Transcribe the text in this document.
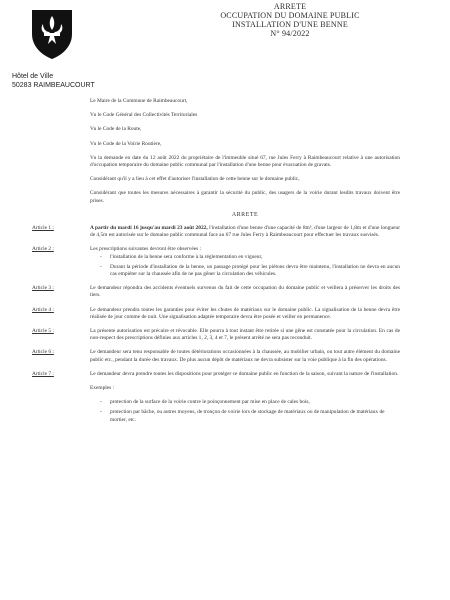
ARRETE
OCCUPATION DU DOMAINE PUBLIC
INSTALLATION D'UNE BENNE
N° 94/2022
Hôtel de Ville
50283 RAIMBEAUCOURT

Le Maire de la Commune de Raimbeaucourt,

Vu le Code Général des Collectivités Territoriales

Vu le Code de la Route,

Vu le Code de la Voirie Routière,

Vu la demande en date du 12 août 2022 du propriétaire de l'immeuble situé 67, rue Jules Ferry à Raimbeaucourt relative à une autorisation d'occupation temporaire du domaine public communal par l'installation d'une benne pour évacuation de gravats.

Considérant qu'il y a lieu à cet effet d'autoriser l'installation de cette benne sur le domaine public,

Considérant que toutes les mesures nécessaires à garantir la sécurité du public, des usagers de la voirie durant lesdits travaux doivent être prises.

ARRETE
Article 1 :	A partir du mardi 16 jusqu'au mardi 23 août 2022, l'installation d'une benne d'une capacité de 8m³, d'une largeur de 1,8m et d'une longueur de 4,5m est autorisée sur le domaine public communal face au 67 rue Jules Ferry à Raimbeaucourt pour effectuer les travaux susvisés.
Article 2 :	Les prescriptions suivantes devront être observées :
- l'installation de la benne sera conforme à la réglementation en vigueur,
- Durant la période d'installation de la benne, un passage protégé pour les piétons devra être maintenu, l'installation ne devra en aucun cas empiéter sur la chaussée afin de ne pas gêner la circulation des véhicules.
Article 3 :	Le demandeur répondra des accidents éventuels survenus du fait de cette occupation du domaine public et veillera à préserver les droits des tiers.
Article 4 :	Le demandeur prendra toutes les garanties pour éviter les chutes de matériaux sur le domaine public. La signalisation de la benne devra être réalisée de jour comme de nuit. Une signalisation adaptée temporaire devra être posée et veiller en permanence.
Article 5 :	La présente autorisation est précaire et révocable. Elle pourra à tout instant être retirée si une gêne est constatée pour la circulation. En cas de non-respect des prescriptions définies aux articles 1, 2, 3, 4 et 7, le présent arrêté ne sera pas reconduit.
Article 6 :	Le demandeur sera tenu responsable de toutes détériorations occasionnées à la chaussée, au mobilier urbain, ou tout autre élément du domaine public etc., pendant la durée des travaux. De plus aucun dépôt de matériaux ne devra subsister sur la voie publique à la fin des opérations.
Article 7 :	Le demandeur devra prendre toutes les dispositions pour protéger ce domaine public en fonction de la saison, suivant la nature de l'installation.
Exemples :
- protection de la surface de la voirie contre le poinçonnement par mise en place de cales bois,
- protection par bâche, ou autres moyens, de tronçon de voirie lors de stockage de matériaux ou de manipulation de matériaux de mortier, etc.
